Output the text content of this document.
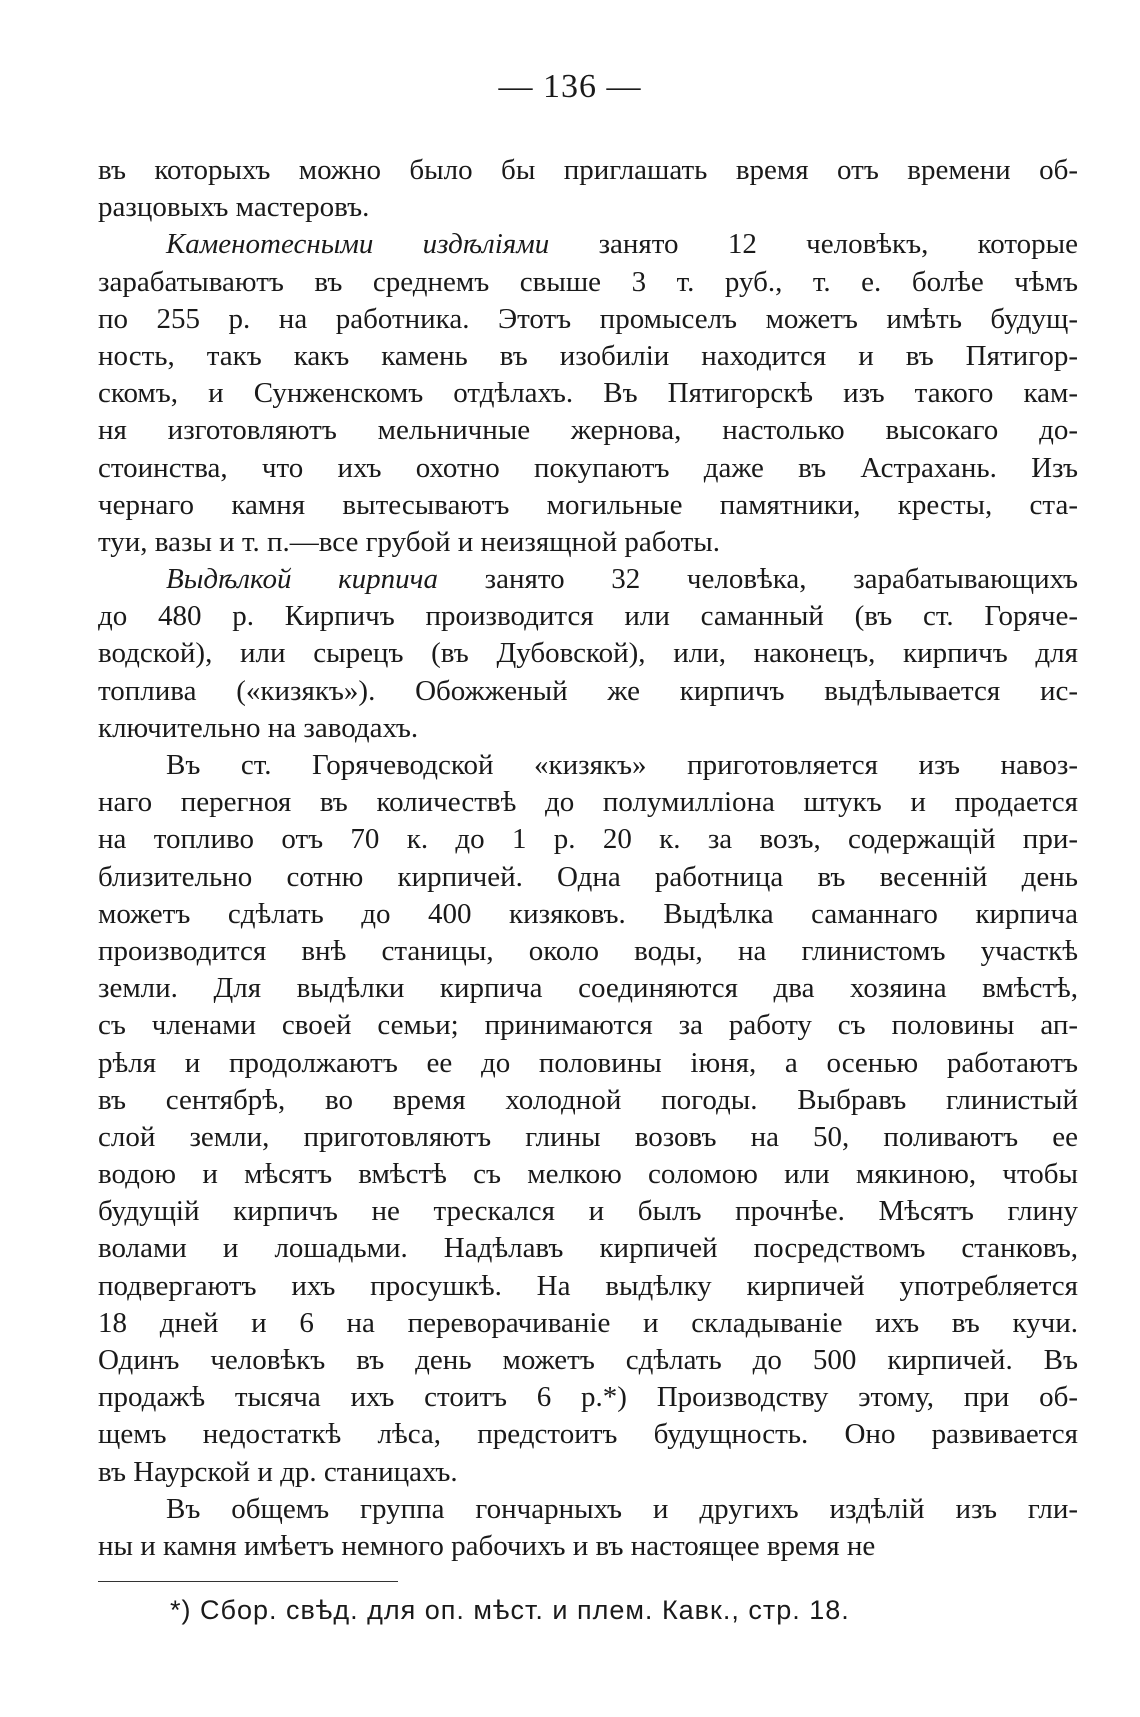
— 136 —
въ которыхъ можно было бы приглашать время отъ времени об-
разцовыхъ мастеровъ.
Каменотесными издѣліями занято 12 человѣкъ, которые
зарабатываютъ въ среднемъ свыше 3 т. руб., т. е. болѣе чѣмъ
по 255 р. на работника. Этотъ промыселъ можетъ имѣть будущ-
ность, такъ какъ камень въ изобиліи находится и въ Пятигор-
скомъ, и Сунженскомъ отдѣлахъ. Въ Пятигорскѣ изъ такого кам-
ня изготовляютъ мельничные жернова, настолько высокаго до-
стоинства, что ихъ охотно покупаютъ даже въ Астрахань. Изъ
чернаго камня вытесываютъ могильные памятники, кресты, ста-
туи, вазы и т. п.—все грубой и неизящной работы.
Выдѣлкой кирпича занято 32 человѣка, зарабатывающихъ
до 480 р. Кирпичъ производится или саманный (въ ст. Горяче-
водской), или сырецъ (въ Дубовской), или, наконецъ, кирпичъ для
топлива («кизякъ»). Обожженый же кирпичъ выдѣлывается ис-
ключительно на заводахъ.
Въ ст. Горячеводской «кизякъ» приготовляется изъ навоз-
наго перегноя въ количествѣ до полумилліона штукъ и продается
на топливо отъ 70 к. до 1 р. 20 к. за возъ, содержащій при-
близительно сотню кирпичей. Одна работница въ весенній день
можетъ сдѣлать до 400 кизяковъ. Выдѣлка саманнаго кирпича
производится внѣ станицы, около воды, на глинистомъ участкѣ
земли. Для выдѣлки кирпича соединяются два хозяина вмѣстѣ,
съ членами своей семьи; принимаются за работу съ половины ап-
рѣля и продолжаютъ ее до половины іюня, а осенью работаютъ
въ сентябрѣ, во время холодной погоды. Выбравъ глинистый
слой земли, приготовляютъ глины возовъ на 50, поливаютъ ее
водою и мѣсятъ вмѣстѣ съ мелкою соломою или мякиною, чтобы
будущій кирпичъ не трескался и былъ прочнѣе. Мѣсятъ глину
волами и лошадьми. Надѣлавъ кирпичей посредствомъ станковъ,
подвергаютъ ихъ просушкѣ. На выдѣлку кирпичей употребляется
18 дней и 6 на переворачиваніе и складываніе ихъ въ кучи.
Одинъ человѣкъ въ день можетъ сдѣлать до 500 кирпичей. Въ
продажѣ тысяча ихъ стоитъ 6 р.*) Производству этому, при об-
щемъ недостаткѣ лѣса, предстоитъ будущность. Оно развивается
въ Наурской и др. станицахъ.
Въ общемъ группа гончарныхъ и другихъ издѣлій изъ гли-
ны и камня имѣетъ немного рабочихъ и въ настоящее время не
*) Сбор. свѣд. для оп. мѣст. и плем. Кавк., стр. 18.
